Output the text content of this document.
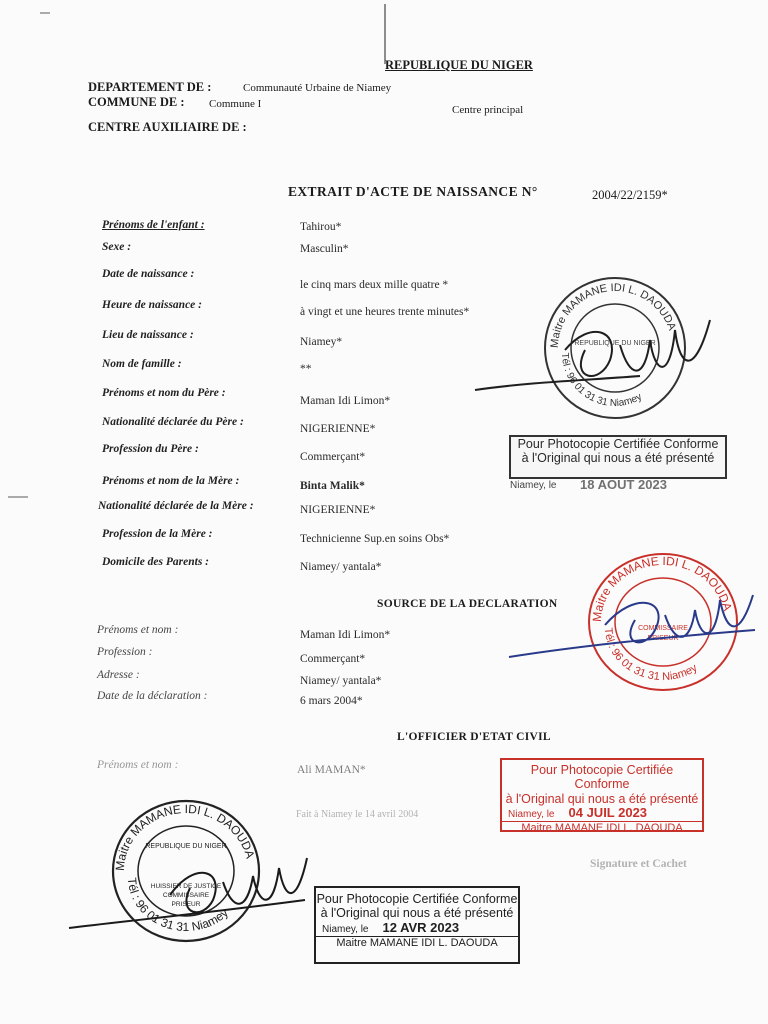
REPUBLIQUE DU NIGER
DEPARTEMENT DE :	Communauté Urbaine de Niamey
COMMUNE DE : Commune I	Centre principal
CENTRE AUXILIAIRE DE :
EXTRAIT D'ACTE DE NAISSANCE N°	2004/22/2159*
Prénoms de l'enfant :	Tahirou*
Sexe :	Masculin*
Date de naissance :
le cinq mars deux mille quatre *
Heure de naissance :
à vingt et une heures trente minutes*
Lieu de naissance :
Niamey*
Nom de famille :	**
Prénoms et nom du Père :
Maman Idi Limon*
Nationalité déclarée du Père :
NIGERIENNE*
Profession du Père :
Commerçant*
Prénoms et nom de la Mère :	Binta Malik*
Nationalité déclarée de la Mère :	NIGERIENNE*
Profession de la Mère :	Technicienne Sup.en soins Obs*
Domicile des Parents :	Niamey/ yantala*
SOURCE DE LA DECLARATION
Prénoms et nom :	Maman Idi Limon*
Profession :
Commerçant*
Adresse :	Niamey/ yantala*
Date de la déclaration :	6 mars 2004*
L'OFFICIER D'ETAT CIVIL
Prénoms et nom :	Ali MAMAN*
Fait à Niamey le 14 avril 2004
Signature et Cachet
Maitre MAMANE IDI L. DAOUDA
Tél : 96 01 31 31 Niamey
REPUBLIQUE DU NIGER
Maitre MAMANE IDI L. DAOUDA
Tél : 96 01 31 31 Niamey
COMMISSAIRE
PRISEUR
Maitre MAMANE IDI L. DAOUDA
Tél : 96 01 31 31 Niamey
REPUBLIQUE DU NIGER
HUISSIER DE JUSTICE
COMMISSAIRE
PRISEUR
Pour Photocopie Certifiée Conforme
à l'Original qui nous a été présenté
Niamey, le 18 AOUT 2023
Pour Photocopie Certifiée Conforme
à l'Original qui nous a été présenté
Niamey, le 04 JUIL 2023
Maitre MAMANE IDI L. DAOUDA
Pour Photocopie Certifiée Conforme
à l'Original qui nous a été présenté
Niamey, le 12 AVR 2023
Maitre MAMANE IDI L. DAOUDA
